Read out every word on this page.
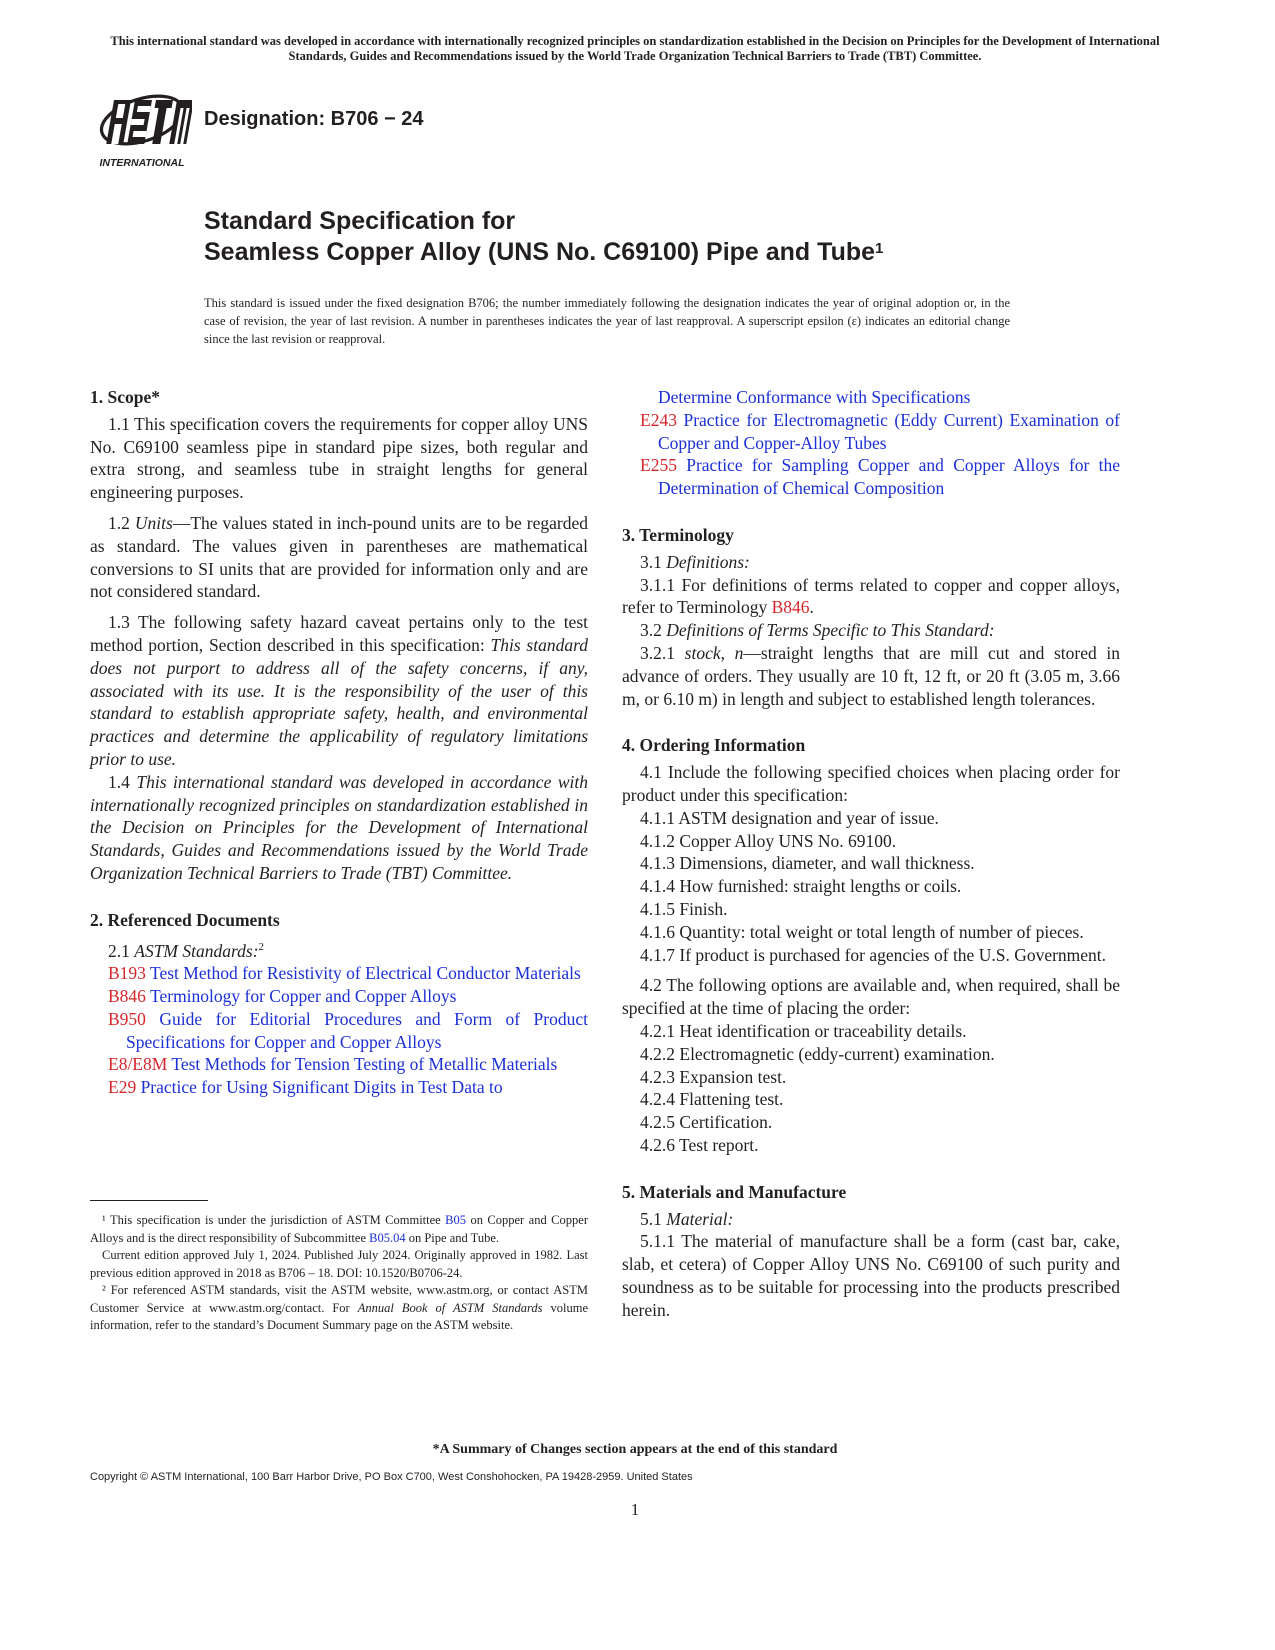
This international standard was developed in accordance with internationally recognized principles on standardization established in the Decision on Principles for the Development of International Standards, Guides and Recommendations issued by the World Trade Organization Technical Barriers to Trade (TBT) Committee.
INTERNATIONAL
Designation: B706 − 24
Standard Specification for
Seamless Copper Alloy (UNS No. C69100) Pipe and Tube$^1$
This standard is issued under the fixed designation B706; the number immediately following the designation indicates the year of original adoption or, in the case of revision, the year of last revision. A number in parentheses indicates the year of last reapproval. A superscript epsilon (ε) indicates an editorial change since the last revision or reapproval.
1. Scope*

1.1 This specification covers the requirements for copper alloy UNS No. C69100 seamless pipe in standard pipe sizes, both regular and extra strong, and seamless tube in straight lengths for general engineering purposes.

1.2 Units—The values stated in inch-pound units are to be regarded as standard. The values given in parentheses are mathematical conversions to SI units that are provided for information only and are not considered standard.

1.3 The following safety hazard caveat pertains only to the test method portion, Section described in this specification: This standard does not purport to address all of the safety concerns, if any, associated with its use. It is the responsibility of the user of this standard to establish appropriate safety, health, and environmental practices and determine the applicability of regulatory limitations prior to use.

1.4 This international standard was developed in accordance with internationally recognized principles on standardization established in the Decision on Principles for the Development of International Standards, Guides and Recommendations issued by the World Trade Organization Technical Barriers to Trade (TBT) Committee.

2. Referenced Documents

2.1 ASTM Standards:$^2$

B193 Test Method for Resistivity of Electrical Conductor Materials

B846 Terminology for Copper and Copper Alloys

B950 Guide for Editorial Procedures and Form of Product Specifications for Copper and Copper Alloys

E8/E8M Test Methods for Tension Testing of Metallic Materials

E29 Practice for Using Significant Digits in Test Data to

¹ This specification is under the jurisdiction of ASTM Committee B05 on Copper and Copper Alloys and is the direct responsibility of Subcommittee B05.04 on Pipe and Tube.

Current edition approved July 1, 2024. Published July 2024. Originally approved in 1982. Last previous edition approved in 2018 as B706 – 18. DOI: 10.1520/B0706-24.

² For referenced ASTM standards, visit the ASTM website, www.astm.org, or contact ASTM Customer Service at www.astm.org/contact. For Annual Book of ASTM Standards volume information, refer to the standard’s Document Summary page on the ASTM website.

Determine Conformance with Specifications

E243 Practice for Electromagnetic (Eddy Current) Examination of Copper and Copper-Alloy Tubes

E255 Practice for Sampling Copper and Copper Alloys for the Determination of Chemical Composition

3. Terminology

3.1 Definitions:

3.1.1 For definitions of terms related to copper and copper alloys, refer to Terminology B846.

3.2 Definitions of Terms Specific to This Standard:

3.2.1 stock, n—straight lengths that are mill cut and stored in advance of orders. They usually are 10 ft, 12 ft, or 20 ft (3.05 m, 3.66 m, or 6.10 m) in length and subject to established length tolerances.

4. Ordering Information

4.1 Include the following specified choices when placing order for product under this specification:

4.1.1 ASTM designation and year of issue.

4.1.2 Copper Alloy UNS No. 69100.

4.1.3 Dimensions, diameter, and wall thickness.

4.1.4 How furnished: straight lengths or coils.

4.1.5 Finish.

4.1.6 Quantity: total weight or total length of number of pieces.

4.1.7 If product is purchased for agencies of the U.S. Government.

4.2 The following options are available and, when required, shall be specified at the time of placing the order:

4.2.1 Heat identification or traceability details.

4.2.2 Electromagnetic (eddy-current) examination.

4.2.3 Expansion test.

4.2.4 Flattening test.

4.2.5 Certification.

4.2.6 Test report.

5. Materials and Manufacture

5.1 Material:

5.1.1 The material of manufacture shall be a form (cast bar, cake, slab, et cetera) of Copper Alloy UNS No. C69100 of such purity and soundness as to be suitable for processing into the products prescribed herein.

*A Summary of Changes section appears at the end of this standard
Copyright © ASTM International, 100 Barr Harbor Drive, PO Box C700, West Conshohocken, PA 19428-2959. United States
1
